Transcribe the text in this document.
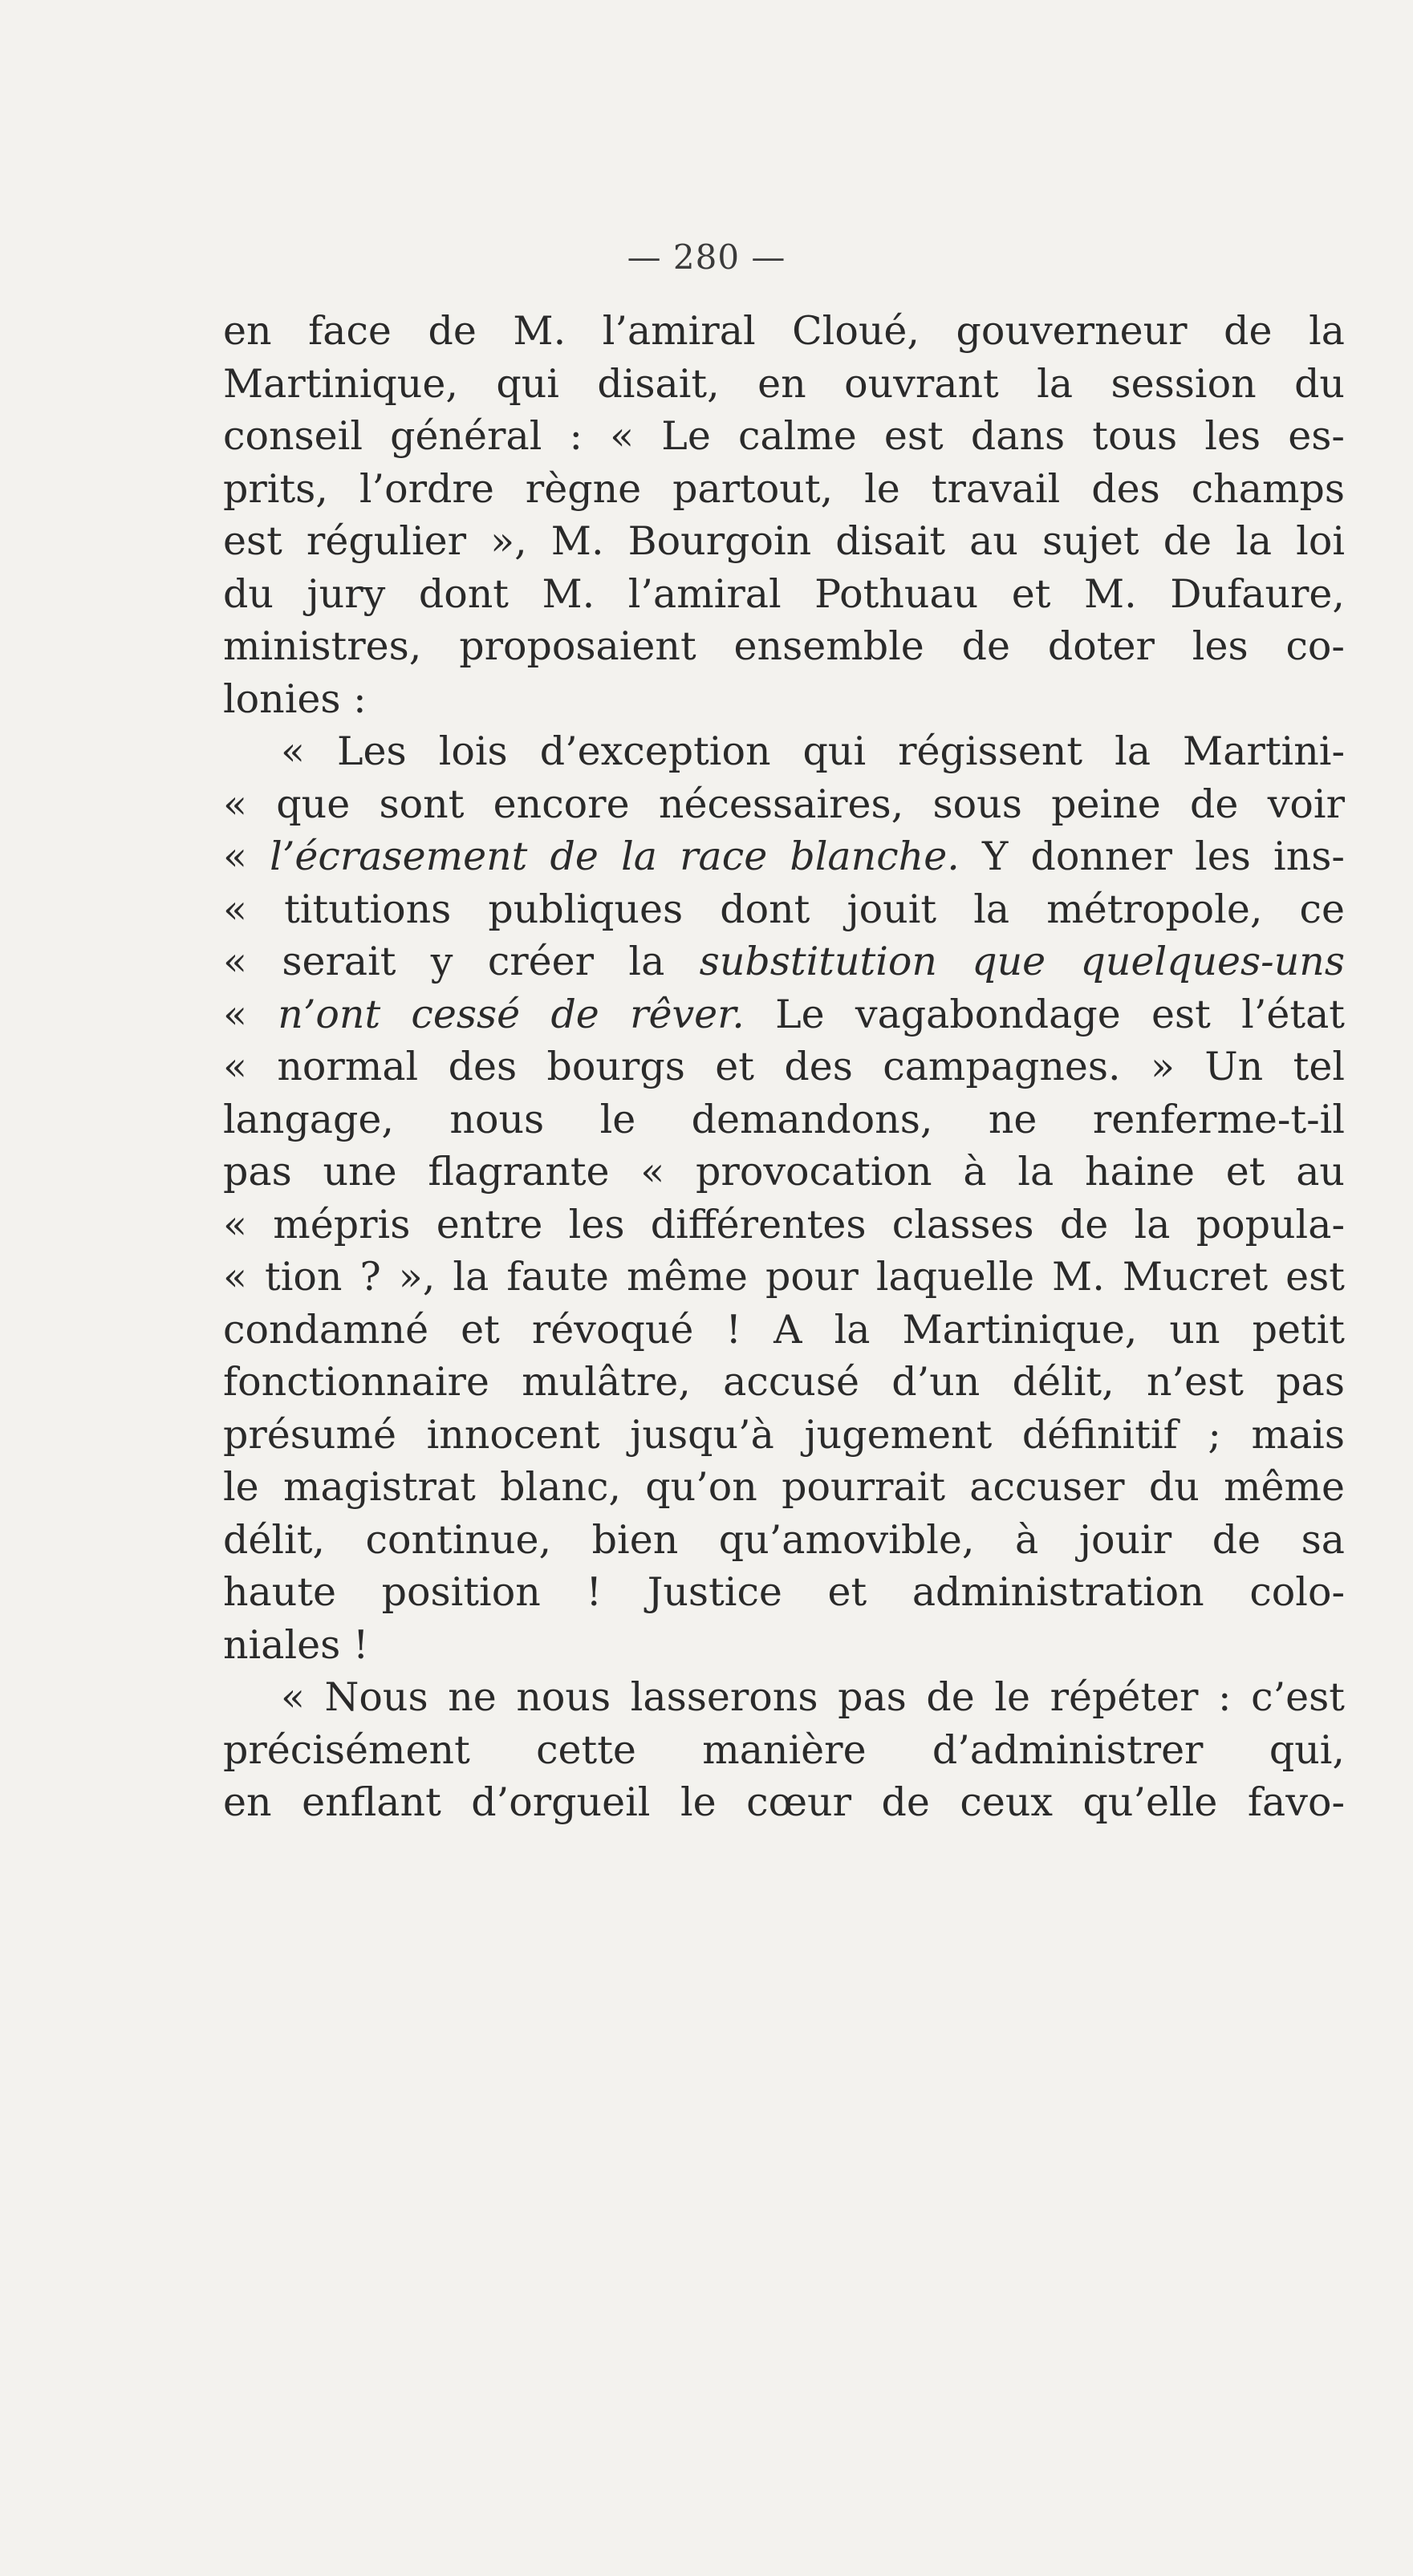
— 280 —
en face de M. l’amiral Cloué, gouverneur de la
Martinique, qui disait, en ouvrant la session du
conseil général : « Le calme est dans tous les es-
prits, l’ordre règne partout, le travail des champs
est régulier », M. Bourgoin disait au sujet de la loi
du jury dont M. l’amiral Pothuau et M. Dufaure,
ministres, proposaient ensemble de doter les co-
lonies :
« Les lois d’exception qui régissent la Martini-
« que sont encore nécessaires, sous peine de voir
« l’écrasement de la race blanche. Y donner les ins-
« titutions publiques dont jouit la métropole, ce
« serait y créer la substitution que quelques-uns
« n’ont cessé de rêver. Le vagabondage est l’état
« normal des bourgs et des campagnes. » Un tel
langage, nous le demandons, ne renferme-t-il
pas une flagrante « provocation à la haine et au
« mépris entre les différentes classes de la popula-
« tion ? », la faute même pour laquelle M. Mucret est
condamné et révoqué ! A la Martinique, un petit
fonctionnaire mulâtre, accusé d’un délit, n’est pas
présumé innocent jusqu’à jugement définitif ; mais
le magistrat blanc, qu’on pourrait accuser du même
délit, continue, bien qu’amovible, à jouir de sa
haute position ! Justice et administration colo-
niales !
« Nous ne nous lasserons pas de le répéter : c’est
précisément cette manière d’administrer qui,
en enflant d’orgueil le cœur de ceux qu’elle favo-
